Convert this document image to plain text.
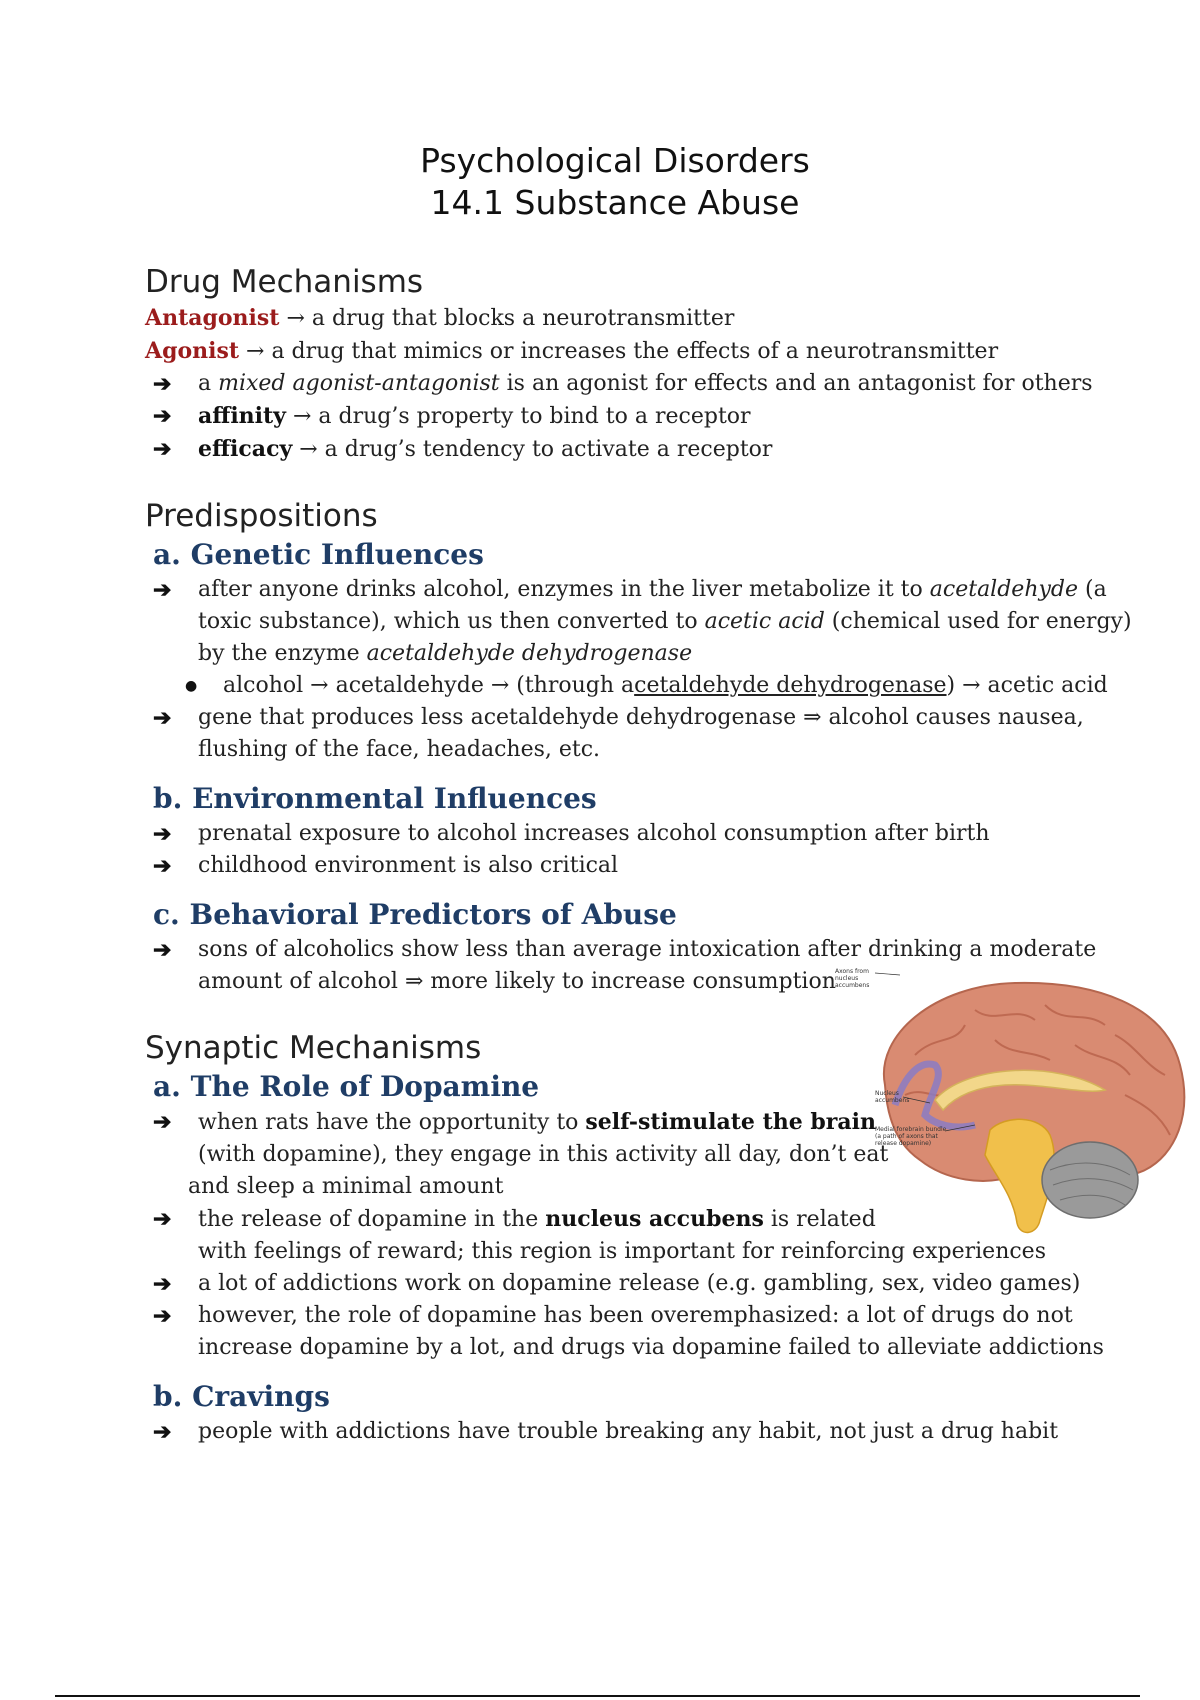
Psychological Disorders
14.1 Substance Abuse
Drug Mechanisms
Antagonist → a drug that blocks a neurotransmitter
Agonist → a drug that mimics or increases the effects of a neurotransmitter
➔ a mixed agonist-antagonist is an agonist for effects and an antagonist for others
➔ affinity → a drug’s property to bind to a receptor
➔ efficacy → a drug’s tendency to activate a receptor
Predispositions
a. Genetic Influences
➔ after anyone drinks alcohol, enzymes in the liver metabolize it to acetaldehyde (a
toxic substance), which us then converted to acetic acid (chemical used for energy)
by the enzyme acetaldehyde dehydrogenase
● alcohol → acetaldehyde → (through acetaldehyde dehydrogenase) → acetic acid
➔ gene that produces less acetaldehyde dehydrogenase ⇒ alcohol causes nausea,
flushing of the face, headaches, etc.
b. Environmental Influences
➔ prenatal exposure to alcohol increases alcohol consumption after birth
➔ childhood environment is also critical
c. Behavioral Predictors of Abuse
➔ sons of alcoholics show less than average intoxication after drinking a moderate
amount of alcohol ⇒ more likely to increase consumption
Synaptic Mechanisms
a. The Role of Dopamine
➔ when rats have the opportunity to self-stimulate the brain
(with dopamine), they engage in this activity all day, don’t eat
and sleep a minimal amount
➔ the release of dopamine in the nucleus accubens is related
with feelings of reward; this region is important for reinforcing experiences
➔ a lot of addictions work on dopamine release (e.g. gambling, sex, video games)
➔ however, the role of dopamine has been overemphasized: a lot of drugs do not
increase dopamine by a lot, and drugs via dopamine failed to alleviate addictions
b. Cravings
➔ people with addictions have trouble breaking any habit, not just a drug habit
Axons from
nucleus
accumbens
Nucleus
accumbens
Medial forebrain bundle
(a path of axons that
release dopamine)
